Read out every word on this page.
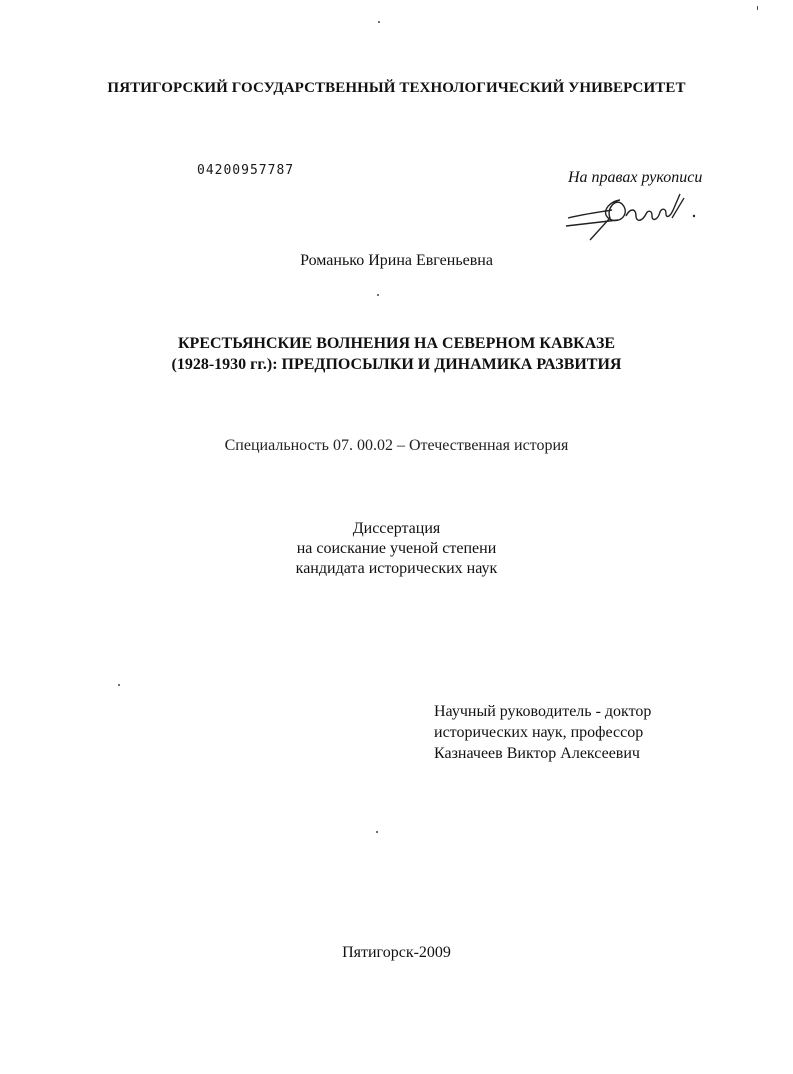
ПЯТИГОРСКИЙ ГОСУДАРСТВЕННЫЙ ТЕХНОЛОГИЧЕСКИЙ УНИВЕРСИТЕТ
04200957787	На правах рукописи
Романько Ирина Евгеньевна
КРЕСТЬЯНСКИЕ ВОЛНЕНИЯ НА СЕВЕРНОМ КАВКАЗЕ
(1928-1930 гг.): ПРЕДПОСЫЛКИ И ДИНАМИКА РАЗВИТИЯ
Специальность 07. 00.02 – Отечественная история
Диссертация
на соискание ученой степени
кандидата исторических наук
Научный руководитель - доктор
исторических наук, профессор
Казначеев Виктор Алексеевич
Пятигорск-2009
